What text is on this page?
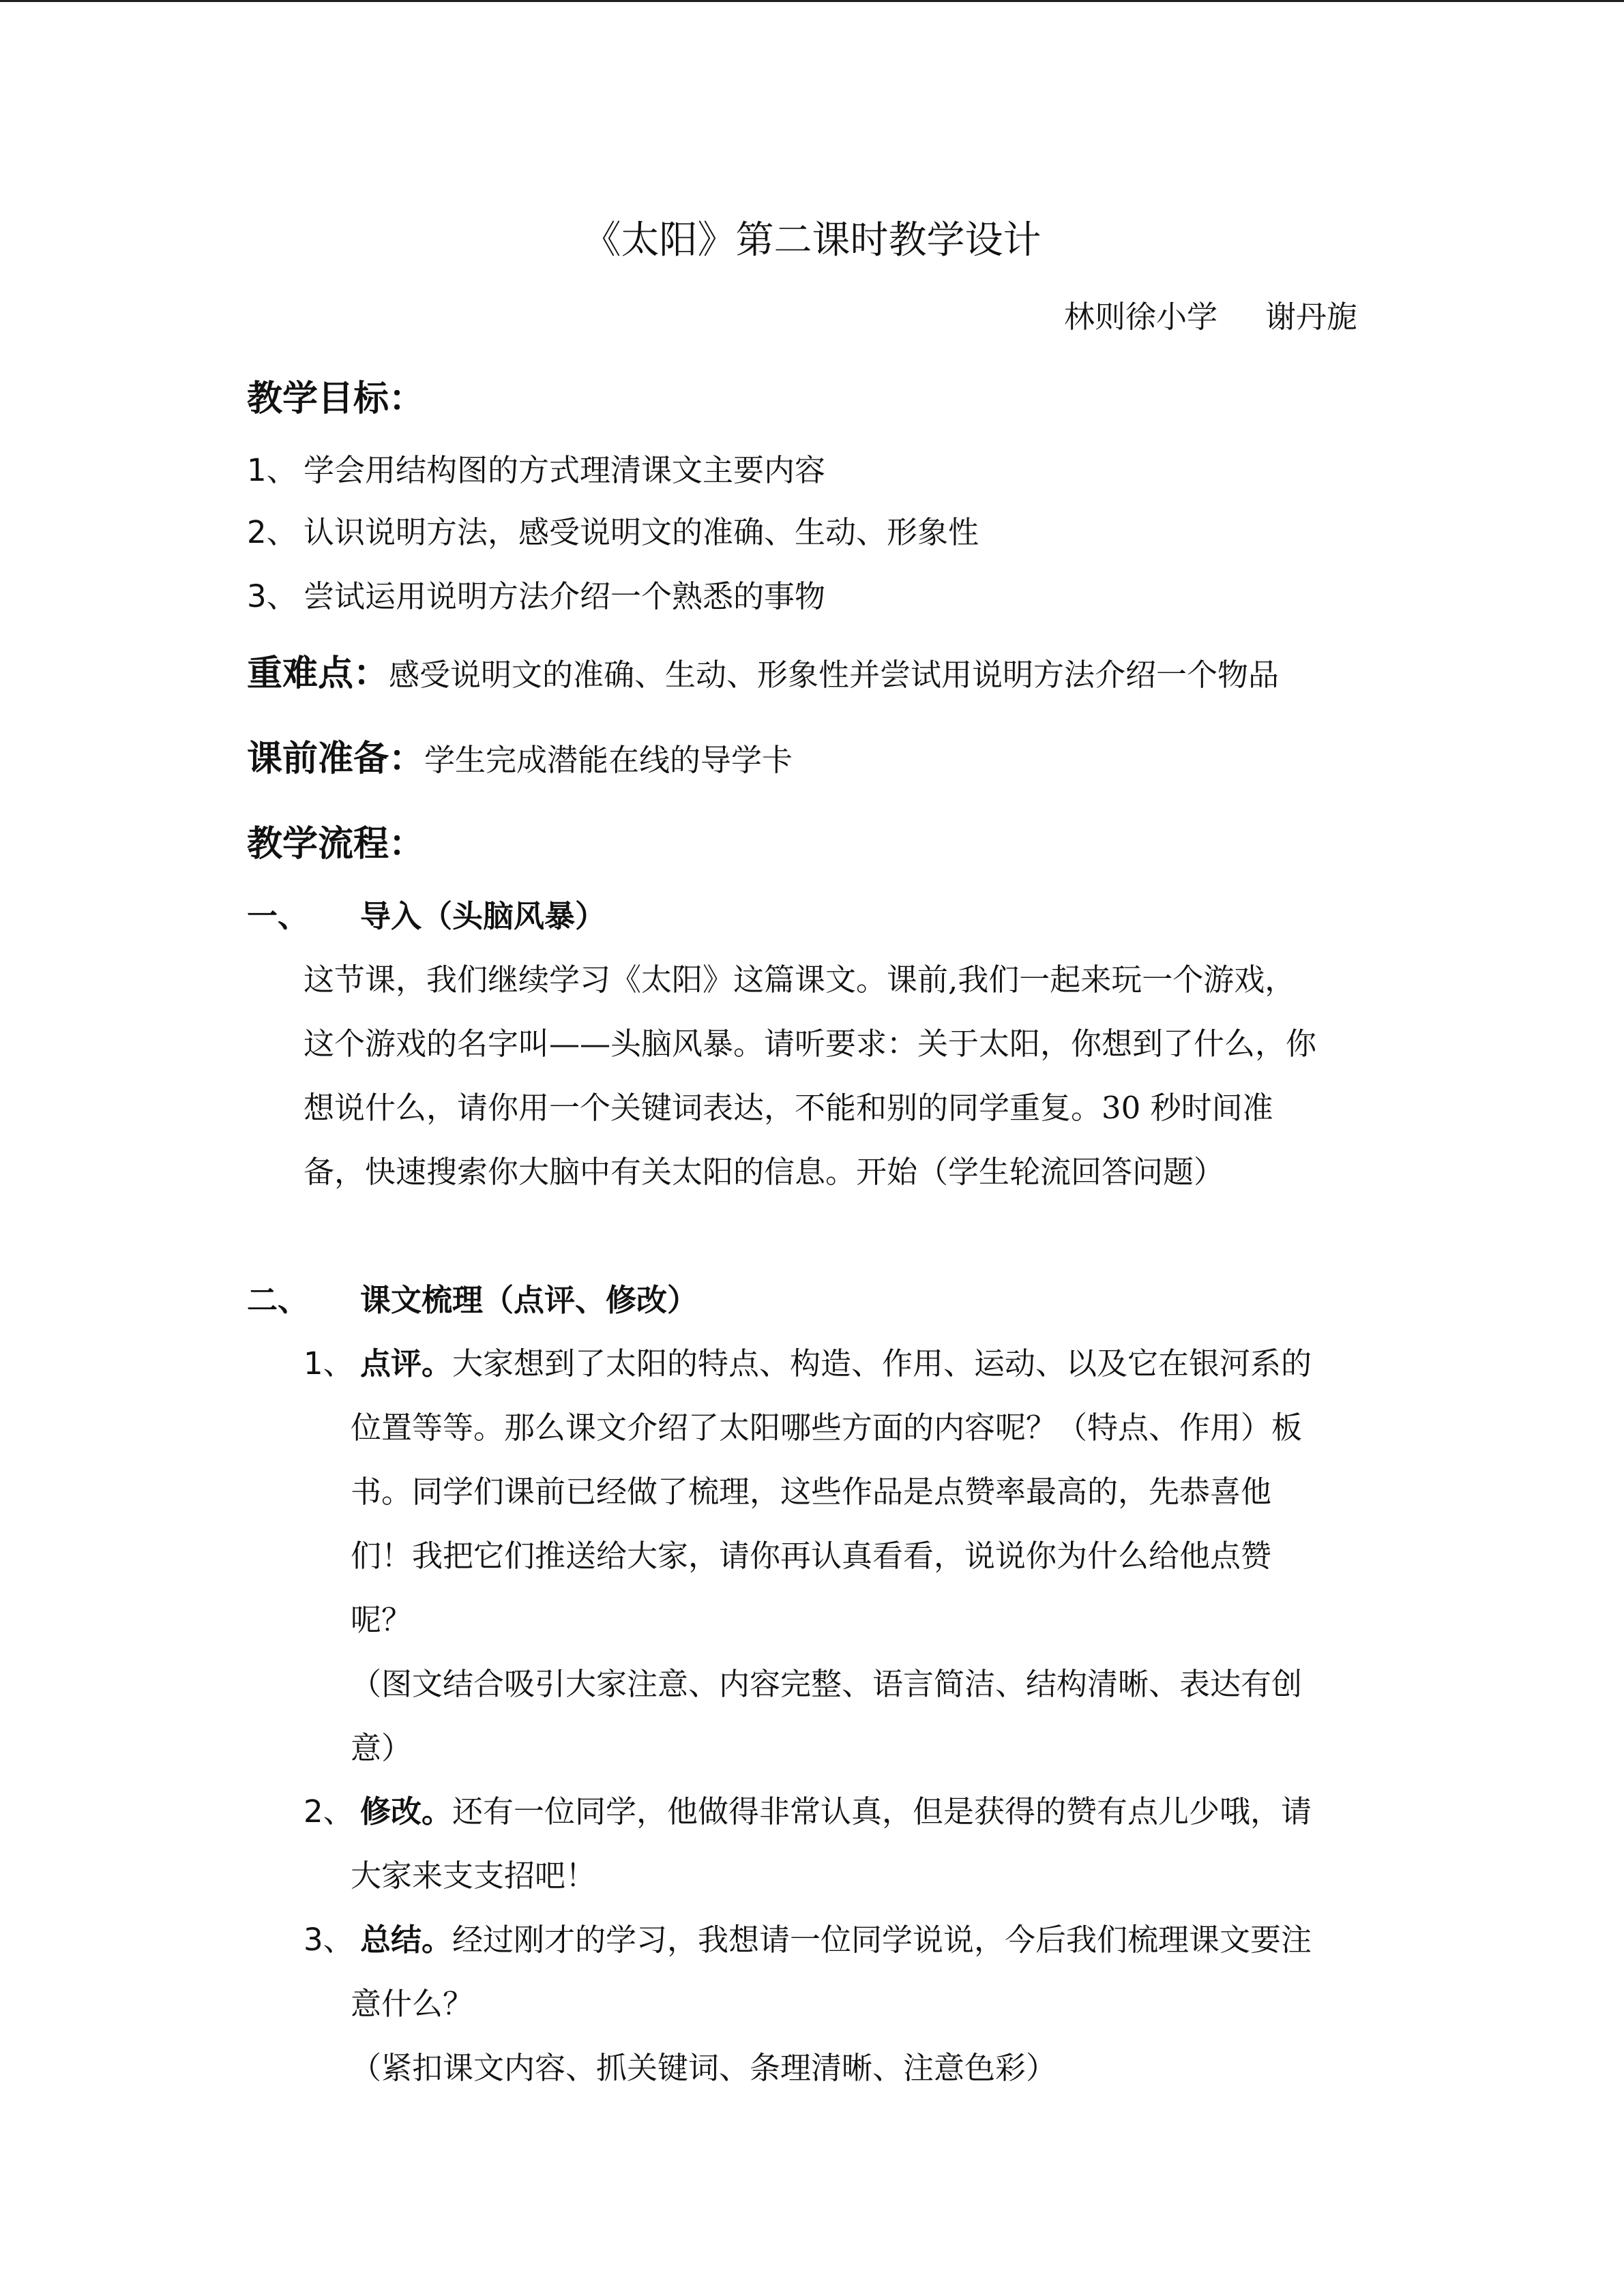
《太阳》第二课时教学设计
林则徐小学 谢丹旎
教学目标：
1、 学会用结构图的方式理清课文主要内容
2、 认识说明方法，感受说明文的准确、生动、形象性
3、 尝试运用说明方法介绍一个熟悉的事物
重难点：感受说明文的准确、生动、形象性并尝试用说明方法介绍一个物品
课前准备：学生完成潜能在线的导学卡
教学流程：
一、 导入（头脑风暴）
这节课，我们继续学习《太阳》这篇课文。课前,我们一起来玩一个游戏，
这个游戏的名字叫——头脑风暴。请听要求：关于太阳，你想到了什么，你
想说什么，请你用一个关键词表达，不能和别的同学重复。30 秒时间准
备，快速搜索你大脑中有关太阳的信息。开始（学生轮流回答问题）
二、 课文梳理（点评、修改）
1、 点评。大家想到了太阳的特点、构造、作用、运动、以及它在银河系的
位置等等。那么课文介绍了太阳哪些方面的内容呢？（特点、作用）板
书。同学们课前已经做了梳理，这些作品是点赞率最高的，先恭喜他
们！我把它们推送给大家，请你再认真看看，说说你为什么给他点赞
呢？
（图文结合吸引大家注意、内容完整、语言简洁、结构清晰、表达有创
意）
2、 修改。还有一位同学，他做得非常认真，但是获得的赞有点儿少哦，请
大家来支支招吧！
3、 总结。经过刚才的学习，我想请一位同学说说，今后我们梳理课文要注
意什么？
（紧扣课文内容、抓关键词、条理清晰、注意色彩）
